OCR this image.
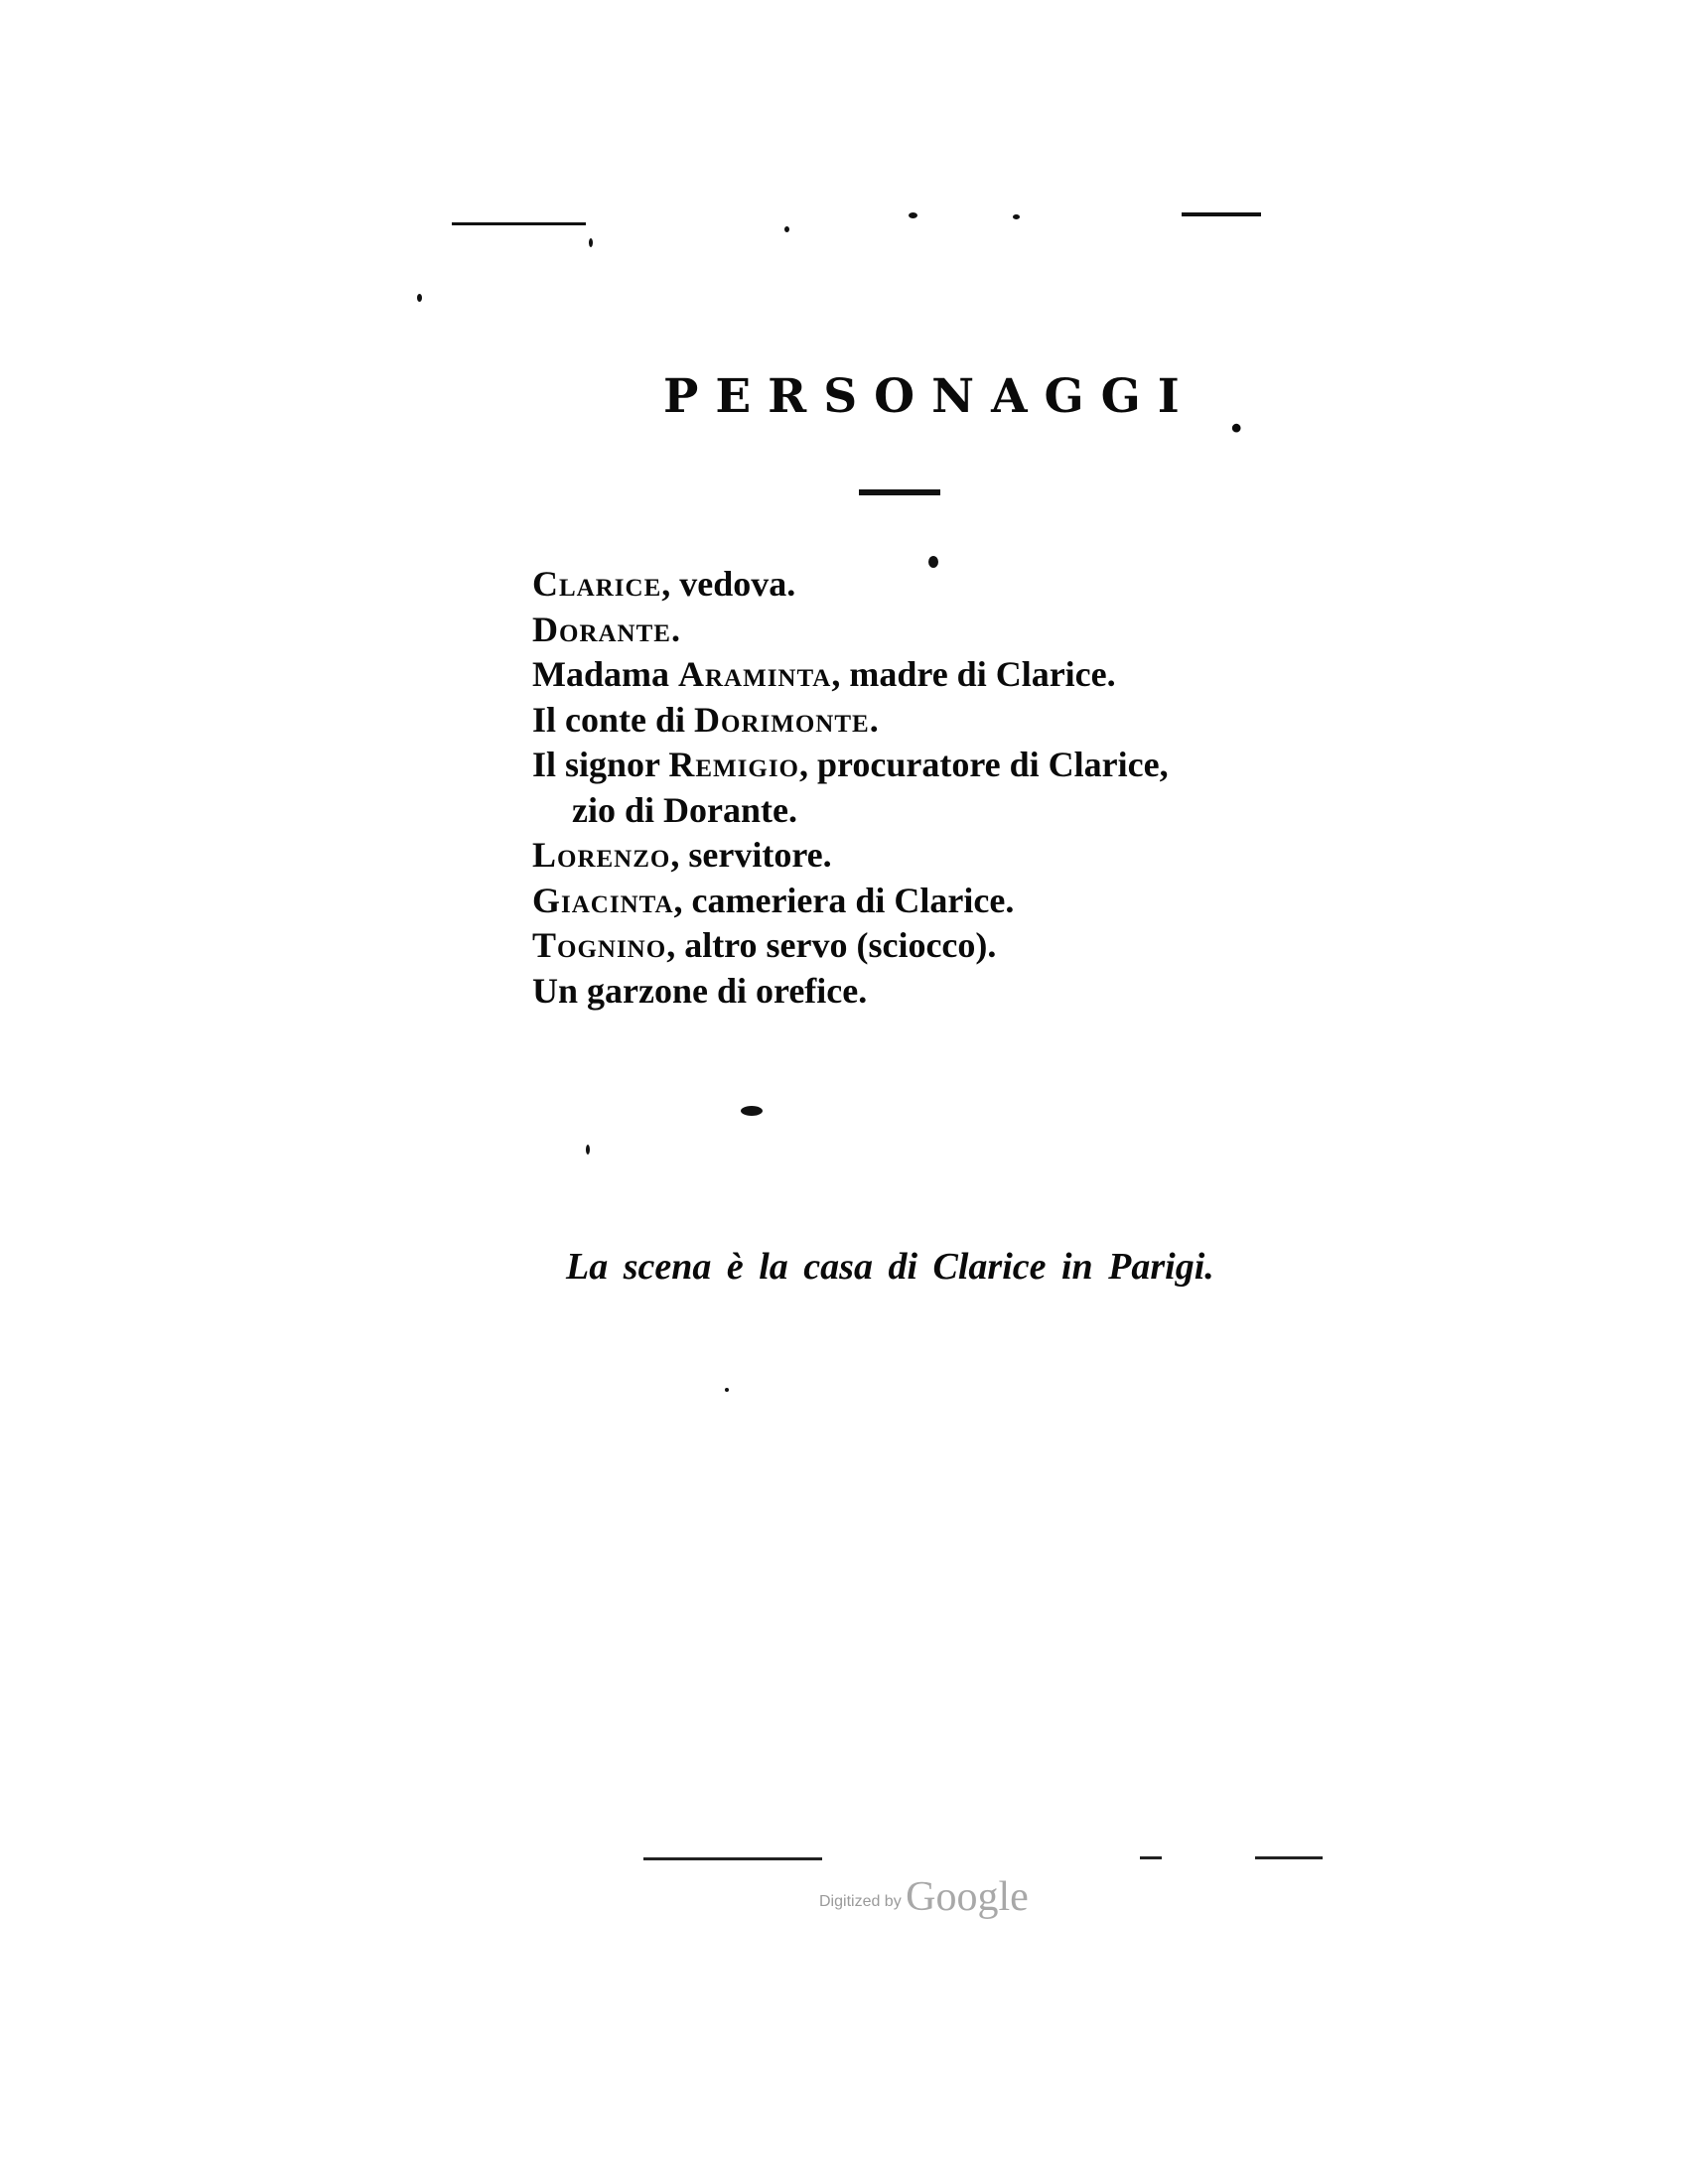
PERSONAGGI .
Clarice, vedova.
Dorante.
Madama Araminta, madre di Clarice.
Il conte di Dorimonte.
Il signor Remigio, procuratore di Clarice,
zio di Dorante.
Lorenzo, servitore.
Giacinta, cameriera di Clarice.
Tognino, altro servo (sciocco).
Un garzone di orefice.

La scena è la casa di Clarice in Parigi.

Digitized by Google
